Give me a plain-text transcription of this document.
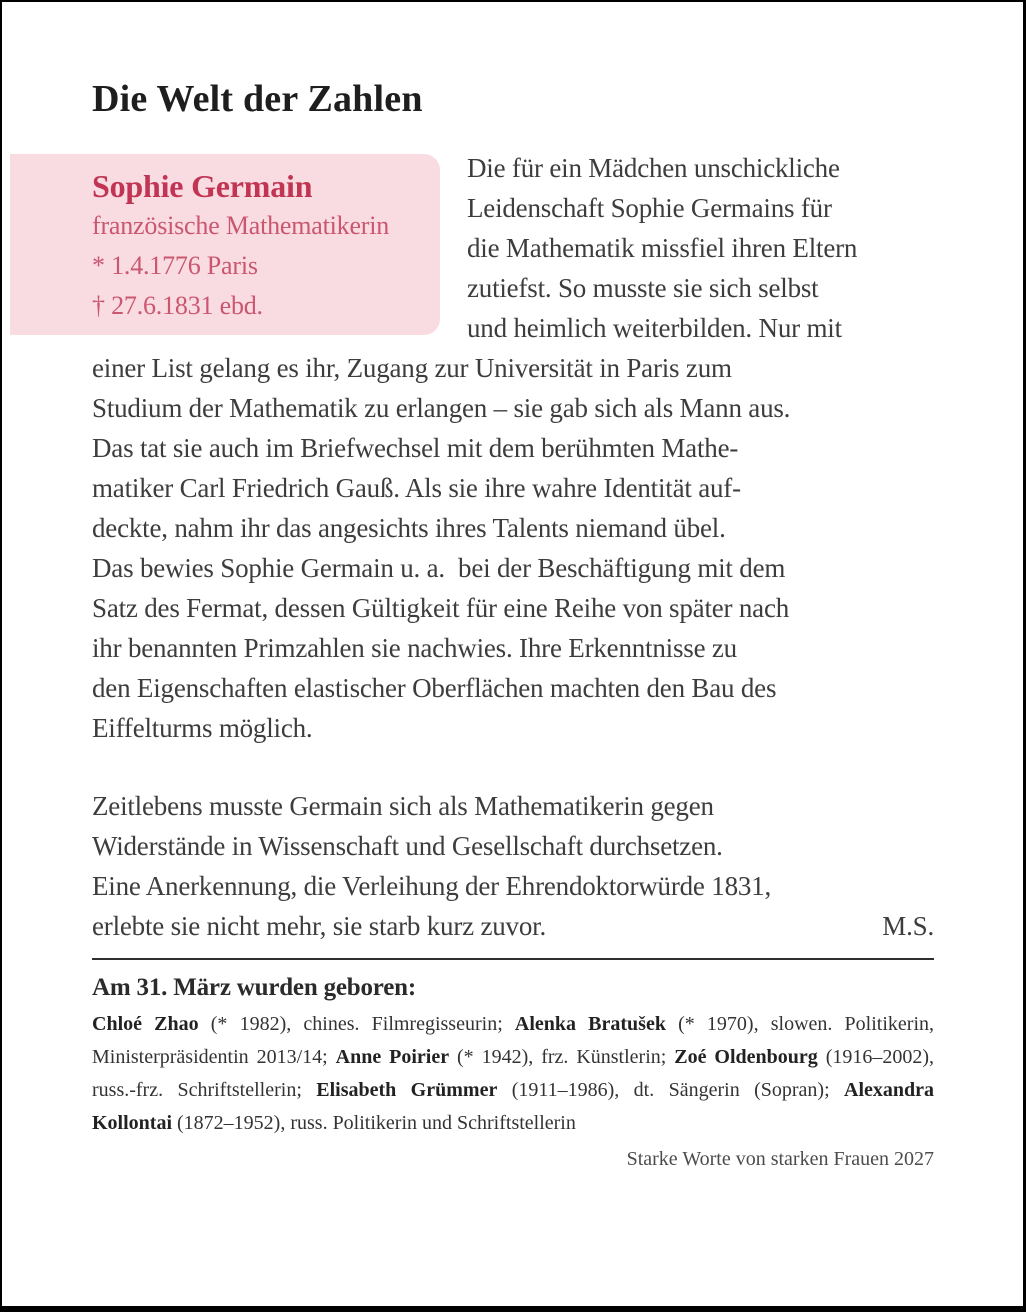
Die Welt der Zahlen
Sophie Germain
französische Mathematikerin
* 1.4.1776 Paris
† 27.6.1831 ebd.
Die für ein Mädchen unschickliche
Leidenschaft Sophie Germains für
die Mathematik missfiel ihren Eltern
zutiefst. So musste sie sich selbst
und heimlich weiterbilden. Nur mit
einer List gelang es ihr, Zugang zur Universität in Paris zum
Studium der Mathematik zu erlangen – sie gab sich als Mann aus.
Das tat sie auch im Briefwechsel mit dem berühmten Mathe-
matiker Carl Friedrich Gauß. Als sie ihre wahre Identität auf-
deckte, nahm ihr das angesichts ihres Talents niemand übel.
Das bewies Sophie Germain u. a.  bei der Beschäftigung mit dem
Satz des Fermat, dessen Gültigkeit für eine Reihe von später nach
ihr benannten Primzahlen sie nachwies. Ihre Erkenntnisse zu
den Eigenschaften elastischer Oberflächen machten den Bau des
Eiffelturms möglich.
Zeitlebens musste Germain sich als Mathematikerin gegen
Widerstände in Wissenschaft und Gesellschaft durchsetzen.
Eine Anerkennung, die Verleihung der Ehrendoktorwürde 1831,
erlebte sie nicht mehr, sie starb kurz zuvor.	M.S.
Am 31. März wurden geboren:
Chloé Zhao (* 1982), chines. Filmregisseurin; Alenka Bratušek (* 1970), slowen. Politikerin, Ministerpräsidentin 2013/14; Anne Poirier (* 1942), frz. Künstlerin; Zoé Oldenbourg (1916–2002), russ.-frz. Schriftstellerin; Elisabeth Grümmer (1911–1986), dt. Sängerin (Sopran); Alexandra Kollontai (1872–1952), russ. Politikerin und Schriftstellerin
Starke Worte von starken Frauen 2027
